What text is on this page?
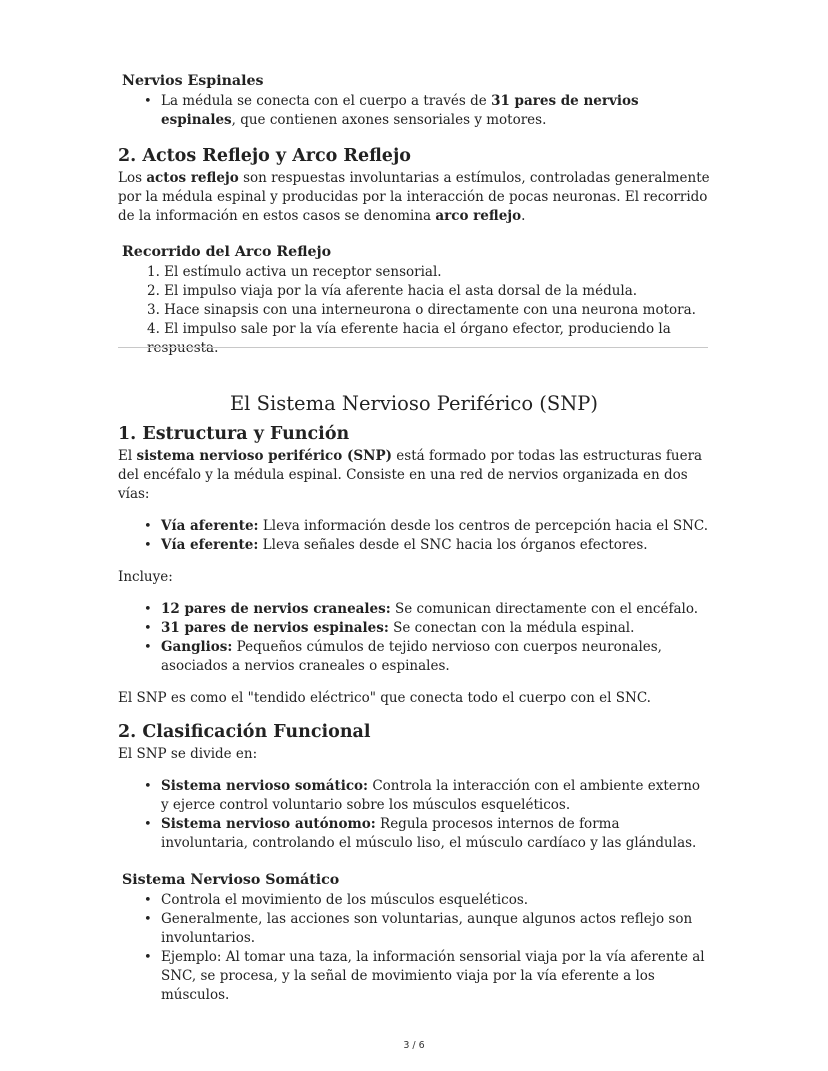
Nervios Espinales
• La médula se conecta con el cuerpo a través de 31 pares de nervios espinales, que contienen axones sensoriales y motores.
2. Actos Reflejo y Arco Reflejo

Los actos reflejo son respuestas involuntarias a estímulos, controladas generalmente por la médula espinal y producidas por la interacción de pocas neuronas. El recorrido de la información en estos casos se denomina arco reflejo.

Recorrido del Arco Reflejo
1. El estímulo activa un receptor sensorial.
2. El impulso viaja por la vía aferente hacia el asta dorsal de la médula.
3. Hace sinapsis con una interneurona o directamente con una neurona motora.
4. El impulso sale por la vía eferente hacia el órgano efector, produciendo la respuesta.
El Sistema Nervioso Periférico (SNP)
1. Estructura y Función

El sistema nervioso periférico (SNP) está formado por todas las estructuras fuera del encéfalo y la médula espinal. Consiste en una red de nervios organizada en dos vías:

• Vía aferente: Lleva información desde los centros de percepción hacia el SNC.
• Vía eferente: Lleva señales desde el SNC hacia los órganos efectores.

Incluye:

• 12 pares de nervios craneales: Se comunican directamente con el encéfalo.
• 31 pares de nervios espinales: Se conectan con la médula espinal.
• Ganglios: Pequeños cúmulos de tejido nervioso con cuerpos neuronales, asociados a nervios craneales o espinales.

El SNP es como el "tendido eléctrico" que conecta todo el cuerpo con el SNC.

2. Clasificación Funcional

El SNP se divide en:

• Sistema nervioso somático: Controla la interacción con el ambiente externo y ejerce control voluntario sobre los músculos esqueléticos.
• Sistema nervioso autónomo: Regula procesos internos de forma involuntaria, controlando el músculo liso, el músculo cardíaco y las glándulas.
Sistema Nervioso Somático
• Controla el movimiento de los músculos esqueléticos.
• Generalmente, las acciones son voluntarias, aunque algunos actos reflejo son involuntarios.
• Ejemplo: Al tomar una taza, la información sensorial viaja por la vía aferente al SNC, se procesa, y la señal de movimiento viaja por la vía eferente a los músculos.
3 / 6
